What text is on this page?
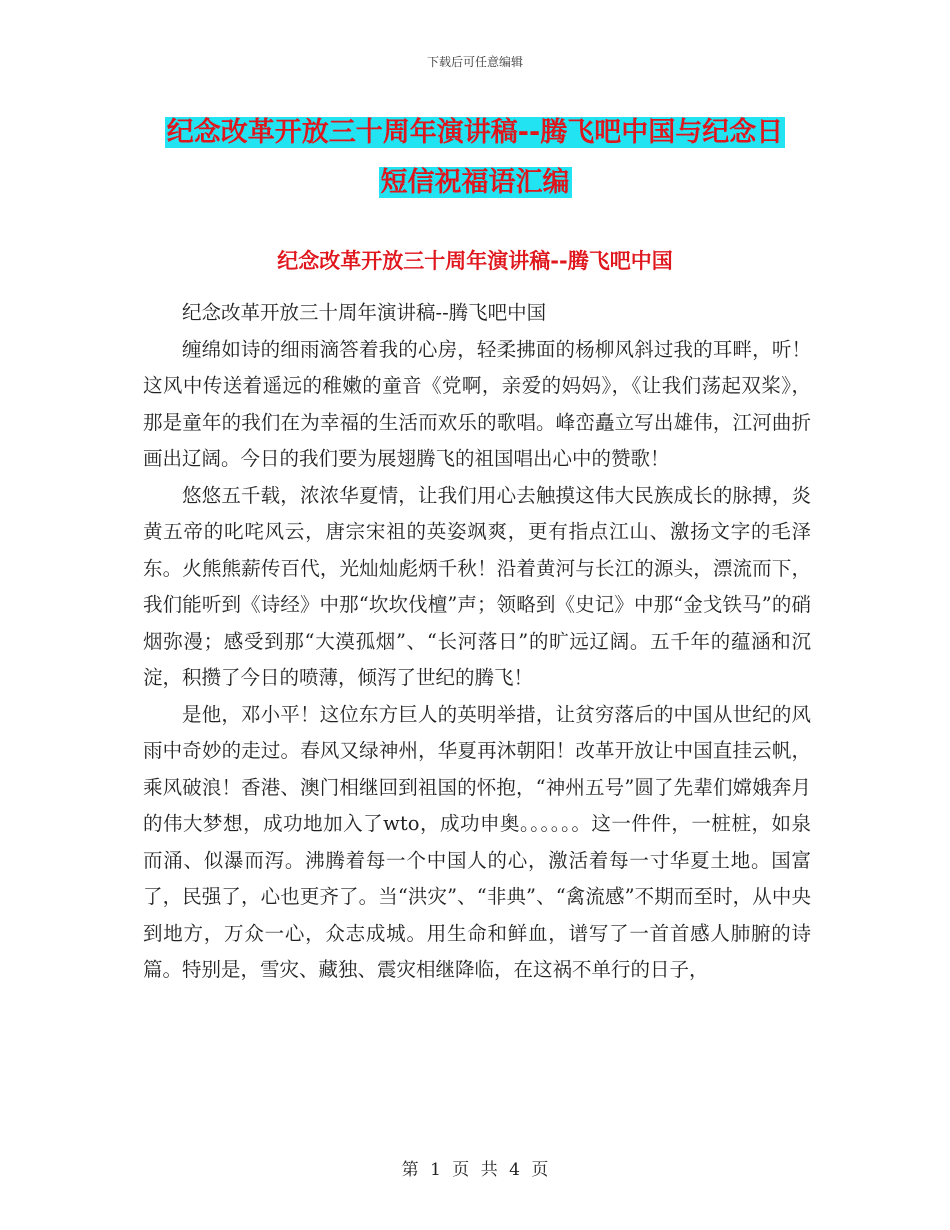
下载后可任意编辑
纪念改革开放三十周年演讲稿--腾飞吧中国与纪念日
短信祝福语汇编
纪念改革开放三十周年演讲稿--腾飞吧中国

纪念改革开放三十周年演讲稿--腾飞吧中国

缠绵如诗的细雨滴答着我的心房，轻柔拂面的杨柳风斜过我的耳畔，听！这风中传送着遥远的稚嫩的童音《党啊，亲爱的妈妈》，《让我们荡起双桨》，那是童年的我们在为幸福的生活而欢乐的歌唱。峰峦矗立写出雄伟，江河曲折画出辽阔。今日的我们要为展翅腾飞的祖国唱出心中的赞歌！

悠悠五千载，浓浓华夏情，让我们用心去触摸这伟大民族成长的脉搏，炎黄五帝的叱咤风云，唐宗宋祖的英姿飒爽，更有指点江山、激扬文字的毛泽东。火熊熊薪传百代，光灿灿彪炳千秋！沿着黄河与长江的源头，漂流而下，我们能听到《诗经》中那“坎坎伐檀”声；领略到《史记》中那“金戈铁马”的硝烟弥漫；感受到那“大漠孤烟”、“长河落日”的旷远辽阔。五千年的蕴涵和沉淀，积攒了今日的喷薄，倾泻了世纪的腾飞！

是他，邓小平！这位东方巨人的英明举措，让贫穷落后的中国从世纪的风雨中奇妙的走过。春风又绿神州，华夏再沐朝阳！改革开放让中国直挂云帆，乘风破浪！香港、澳门相继回到祖国的怀抱，“神州五号”圆了先辈们嫦娥奔月的伟大梦想，成功地加入了wto，成功申奥。。。。。。这一件件，一桩桩，如泉而涌、似瀑而泻。沸腾着每一个中国人的心，激活着每一寸华夏土地。国富了，民强了，心也更齐了。当“洪灾”、“非典”、“禽流感”不期而至时，从中央到地方，万众一心，众志成城。用生命和鲜血，谱写了一首首感人肺腑的诗篇。特别是，雪灾、藏独、震灾相继降临，在这祸不单行的日子，

第 1 页 共 4 页
